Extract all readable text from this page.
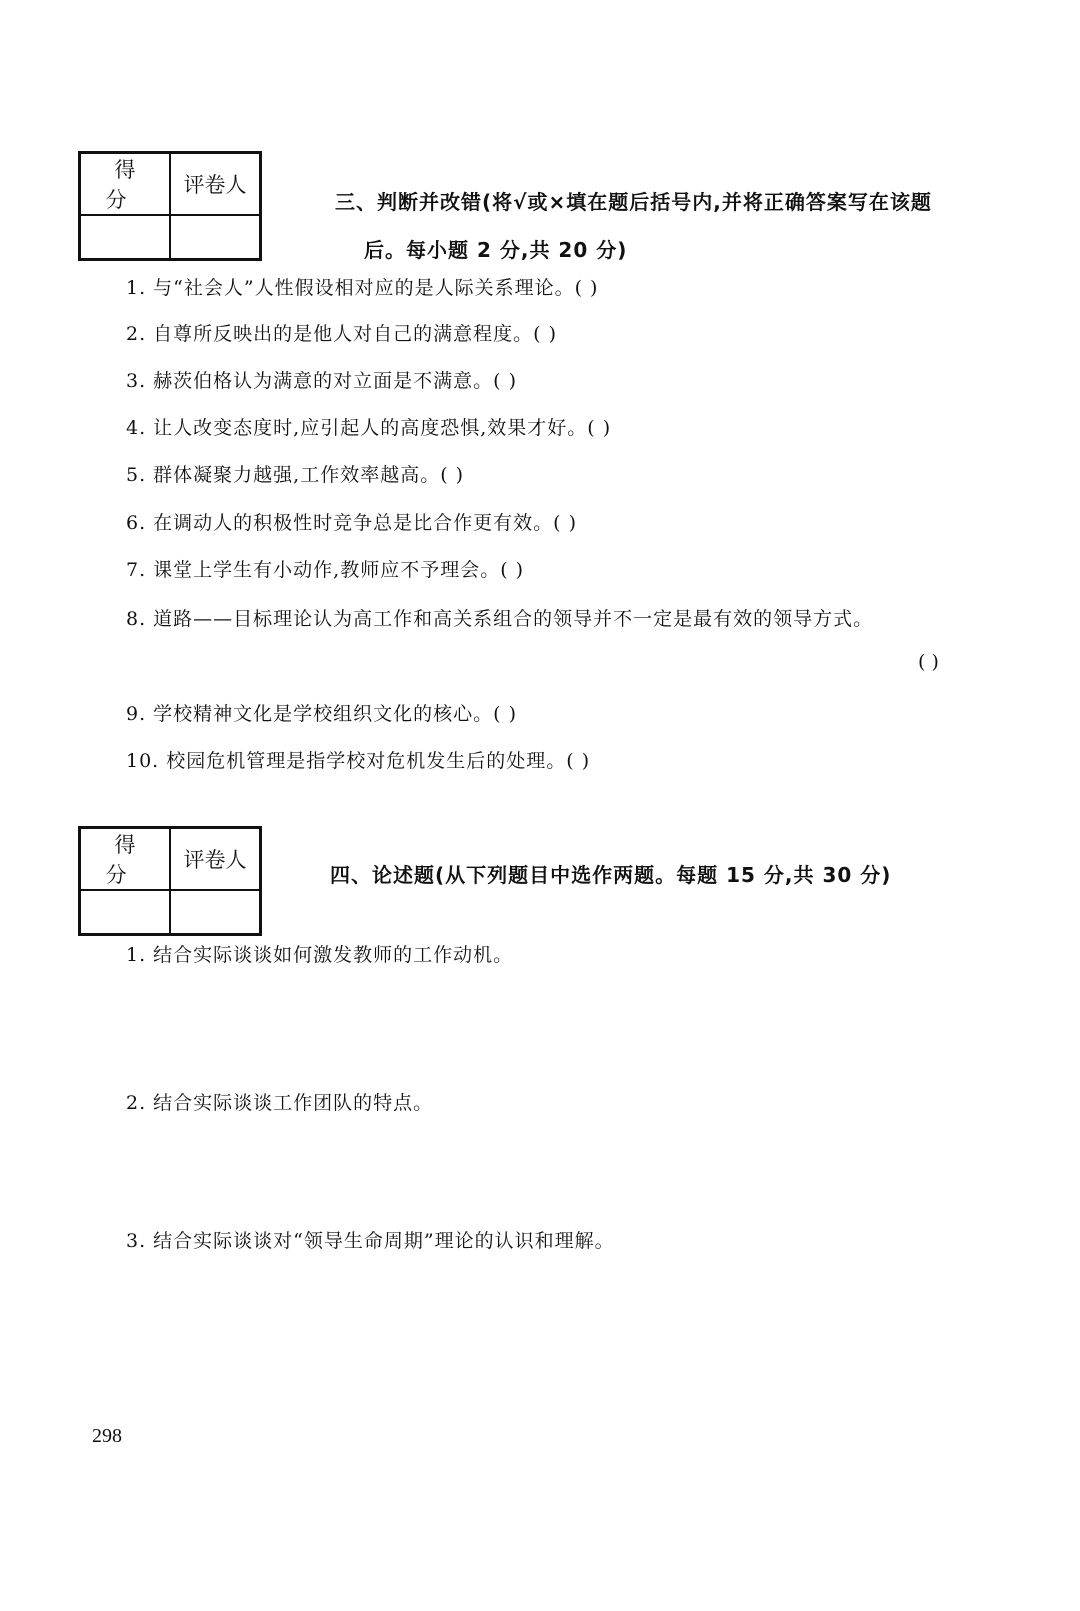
得分	评卷人

三、判断并改错(将√或×填在题后括号内,并将正确答案写在该题
后。每小题 2 分,共 20 分)
1. 与“社会人”人性假设相对应的是人际关系理论。( )
2. 自尊所反映出的是他人对自己的满意程度。( )
3. 赫茨伯格认为满意的对立面是不满意。( )
4. 让人改变态度时,应引起人的高度恐惧,效果才好。( )
5. 群体凝聚力越强,工作效率越高。( )
6. 在调动人的积极性时竞争总是比合作更有效。( )
7. 课堂上学生有小动作,教师应不予理会。( )
8. 道路——目标理论认为高工作和高关系组合的领导并不一定是最有效的领导方式。
( )
9. 学校精神文化是学校组织文化的核心。( )
10. 校园危机管理是指学校对危机发生后的处理。( )
得分	评卷人

四、论述题(从下列题目中选作两题。每题 15 分,共 30 分)
1. 结合实际谈谈如何激发教师的工作动机。
2. 结合实际谈谈工作团队的特点。
3. 结合实际谈谈对“领导生命周期”理论的认识和理解。
298
